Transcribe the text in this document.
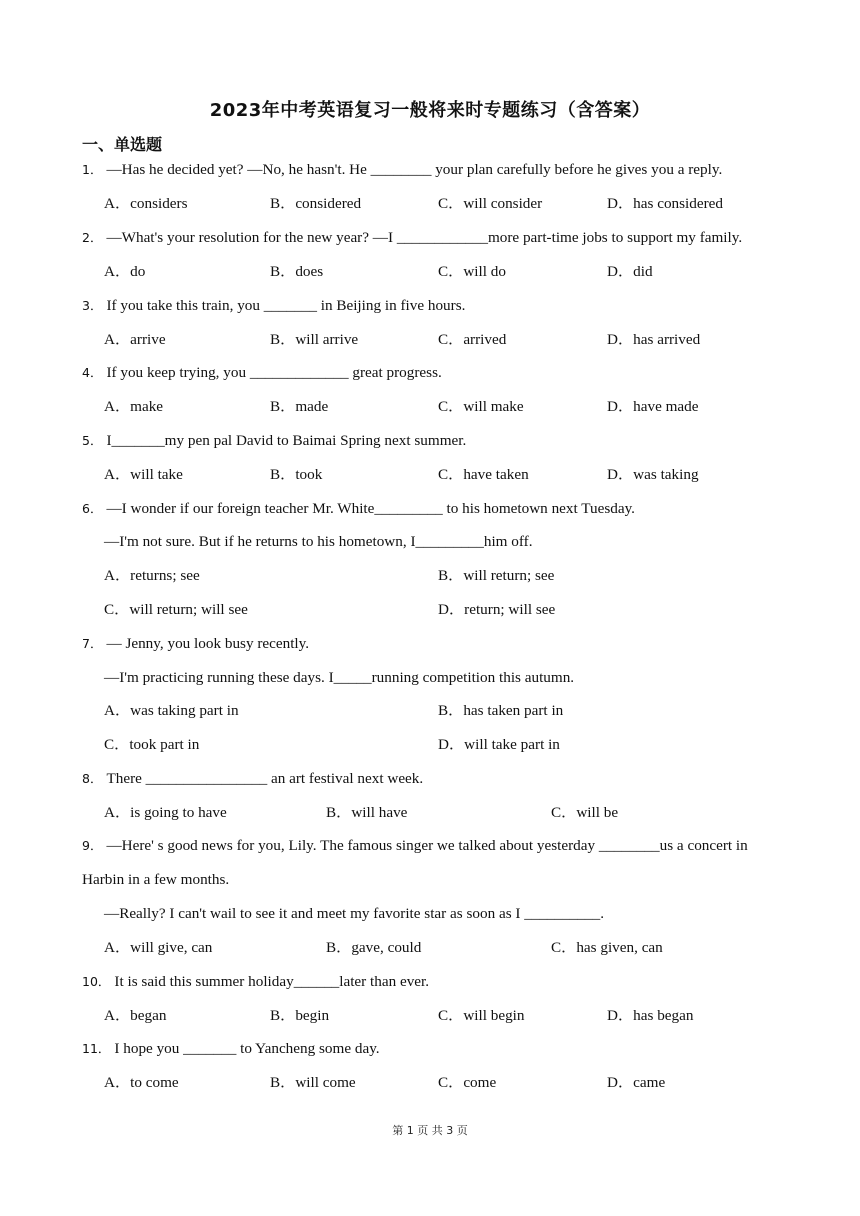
2023年中考英语复习一般将来时专题练习（含答案）
一、单选题
1． —Has he decided yet? —No, he hasn't. He ________ your plan carefully before he gives you a reply.
A．considers	B．considered	C．will consider	D．has considered
2． —What's your resolution for the new year? —I ____________more part-time jobs to support my family.
A．do	B．does	C．will do	D．did
3． If you take this train, you _______ in Beijing in five hours.
A．arrive	B．will arrive	C．arrived	D．has arrived
4． If you keep trying, you _____________ great progress.
A．make	B．made	C．will make	D．have made
5． I_______my pen pal David to Baimai Spring next summer.
A．will take	B．took	C．have taken	D．was taking
6． —I wonder if our foreign teacher Mr. White_________ to his hometown next Tuesday.
—I'm not sure. But if he returns to his hometown, I_________him off.
A．returns; see	B．will return; see
C．will return; will see	D．return; will see
7． — Jenny, you look busy recently.
—I'm practicing running these days. I_____running competition this autumn.
A．was taking part in	B．has taken part in
C．took part in	D．will take part in
8． There ________________ an art festival next week.
A．is going to have	B．will have	C．will be
9． —Here' s good news for you, Lily. The famous singer we talked about yesterday ________us a concert in
Harbin in a few months.
—Really? I can't wail to see it and meet my favorite star as soon as I __________.
A．will give, can	B．gave, could	C．has given, can
10． It is said this summer holiday______later than ever.
A．began	B．begin	C．will begin	D．has began
11． I hope you _______ to Yancheng some day.
A．to come	B．will come	C．come	D．came
第 1 页 共 3 页
